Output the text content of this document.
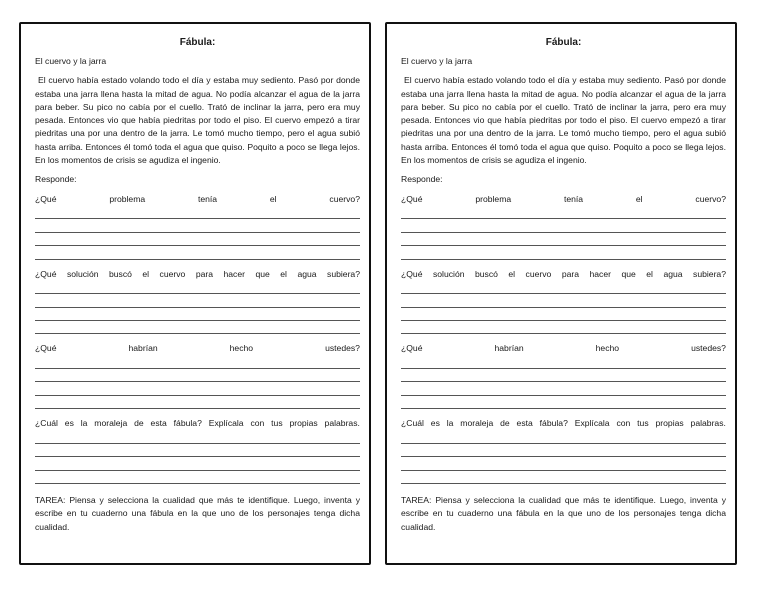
Fábula:
El cuervo y la jarra
El cuervo había estado volando todo el día y estaba muy sediento. Pasó por donde estaba una jarra llena hasta la mitad de agua. No podía alcanzar el agua de la jarra para beber. Su pico no cabía por el cuello. Trató de inclinar la jarra, pero era muy pesada. Entonces vio que había piedritas por todo el piso. El cuervo empezó a tirar piedritas una por una dentro de la jarra. Le tomó mucho tiempo, pero el agua subió hasta arriba. Entonces él tomó toda el agua que quiso. Poquito a poco se llega lejos. En los momentos de crisis se agudiza el ingenio.
Responde:
¿Qué	problema	tenía	el	cuervo?
¿Qué solución buscó el cuervo para hacer que el agua subiera?
¿Qué	habrían	hecho	ustedes?
¿Cuál es la moraleja de esta fábula? Explícala con tus propias palabras.
TAREA: Piensa y selecciona la cualidad que más te identifique. Luego, inventa y escribe en tu cuaderno una fábula en la que uno de los personajes tenga dicha cualidad.
Fábula:
El cuervo y la jarra
El cuervo había estado volando todo el día y estaba muy sediento. Pasó por donde estaba una jarra llena hasta la mitad de agua. No podía alcanzar el agua de la jarra para beber. Su pico no cabía por el cuello. Trató de inclinar la jarra, pero era muy pesada. Entonces vio que había piedritas por todo el piso. El cuervo empezó a tirar piedritas una por una dentro de la jarra. Le tomó mucho tiempo, pero el agua subió hasta arriba. Entonces él tomó toda el agua que quiso. Poquito a poco se llega lejos. En los momentos de crisis se agudiza el ingenio.
Responde:
¿Qué	problema	tenía	el	cuervo?
¿Qué solución buscó el cuervo para hacer que el agua subiera?
¿Qué	habrían	hecho	ustedes?
¿Cuál es la moraleja de esta fábula? Explícala con tus propias palabras.
TAREA: Piensa y selecciona la cualidad que más te identifique. Luego, inventa y escribe en tu cuaderno una fábula en la que uno de los personajes tenga dicha cualidad.
